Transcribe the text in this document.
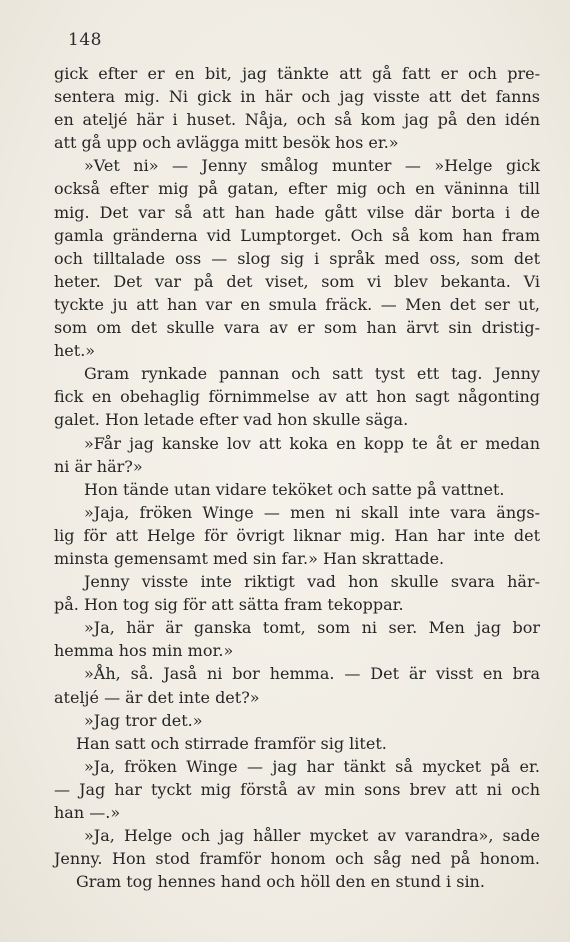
148
gick efter er en bit, jag tänkte att gå fatt er och pre-
sentera mig. Ni gick in här och jag visste att det fanns
en ateljé här i huset. Nåja, och så kom jag på den idén
att gå upp och avlägga mitt besök hos er.»
»Vet ni» — Jenny smålog munter — »Helge gick
också efter mig på gatan, efter mig och en väninna till
mig. Det var så att han hade gått vilse där borta i de
gamla gränderna vid Lumptorget. Och så kom han fram
och tilltalade oss — slog sig i språk med oss, som det
heter. Det var på det viset, som vi blev bekanta. Vi
tyckte ju att han var en smula fräck. — Men det ser ut,
som om det skulle vara av er som han ärvt sin dristig-
het.»
Gram rynkade pannan och satt tyst ett tag. Jenny
fick en obehaglig förnimmelse av att hon sagt någonting
galet. Hon letade efter vad hon skulle säga.
»Får jag kanske lov att koka en kopp te åt er medan
ni är här?»
Hon tände utan vidare teköket och satte på vattnet.
»Jaja, fröken Winge — men ni skall inte vara ängs-
lig för att Helge för övrigt liknar mig. Han har inte det
minsta gemensamt med sin far.» Han skrattade.
Jenny visste inte riktigt vad hon skulle svara här-
på. Hon tog sig för att sätta fram tekoppar.
»Ja, här är ganska tomt, som ni ser. Men jag bor
hemma hos min mor.»
»Åh, så. Jaså ni bor hemma. — Det är visst en bra
ateljé — är det inte det?»
»Jag tror det.»
Han satt och stirrade framför sig litet.
»Ja, fröken Winge — jag har tänkt så mycket på er.
— Jag har tyckt mig förstå av min sons brev att ni och
han —.»
»Ja, Helge och jag håller mycket av varandra», sade
Jenny. Hon stod framför honom och såg ned på honom.
Gram tog hennes hand och höll den en stund i sin.
